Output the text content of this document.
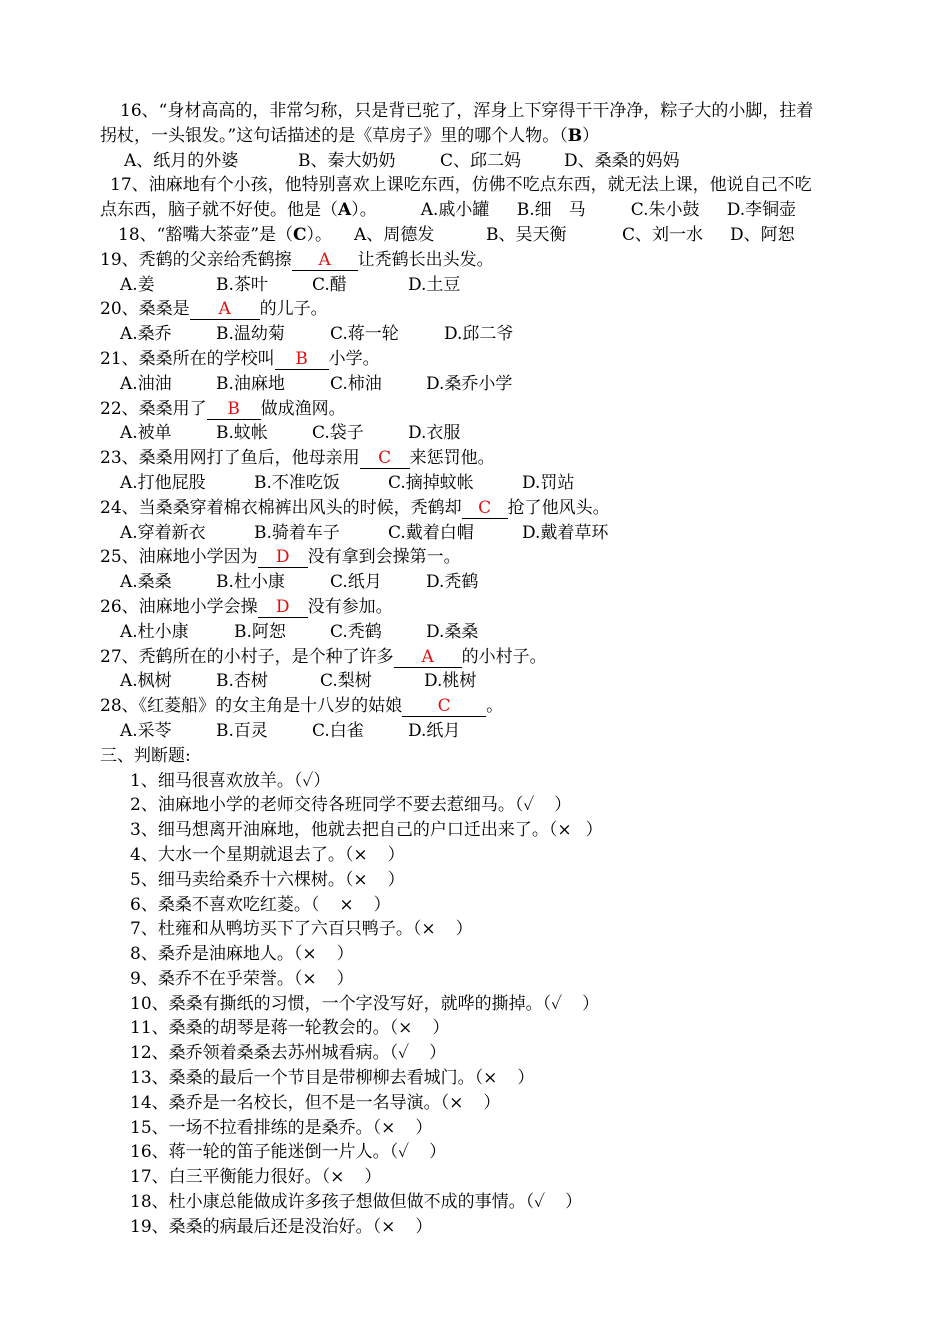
16、“身材高高的，非常匀称，只是背已驼了，浑身上下穿得干干净净，粽子大的小脚，拄着
拐杖，一头银发。”这句话描述的是《草房子》里的哪个人物。（B）
A、纸月的外婆	B、秦大奶奶	C、邱二妈	D、桑桑的妈妈
17、油麻地有个小孩，他特别喜欢上课吃东西，仿佛不吃点东西，就无法上课，他说自己不吃
点东西，脑子就不好使。他是（A）。	A.戚小罐 B.细　马	C.朱小鼓 D.李铜壶
18、“豁嘴大茶壶”是（C）。 A、周德发	B、吴天衡	C、刘一水 D、阿恕
19、秃鹤的父亲给秃鹤擦 A 让秃鹤长出头发。
A.姜	B.茶叶	C.醋	D.土豆
20、桑桑是 A 的儿子。
A.桑乔	B.温幼菊	C.蒋一轮	D.邱二爷
21、桑桑所在的学校叫 B 小学。
A.油油	B.油麻地	C.柿油	D.桑乔小学
22、桑桑用了 B 做成渔网。
A.被单	B.蚊帐	C.袋子	D.衣服
23、桑桑用网打了鱼后，他母亲用 C 来惩罚他。
A.打他屁股	B.不准吃饭	C.摘掉蚊帐	D.罚站
24、当桑桑穿着棉衣棉裤出风头的时候，秃鹤却 C 抢了他风头。
A.穿着新衣	B.骑着车子	C.戴着白帽	D.戴着草环
25、油麻地小学因为 D 没有拿到会操第一。
A.桑桑	B.杜小康	C.纸月	D.秃鹤
26、油麻地小学会操 D 没有参加。
A.杜小康	B.阿恕	C.秃鹤	D.桑桑
27、秃鹤所在的小村子，是个种了许多 A 的小村子。
A.枫树	B.杏树	C.梨树	D.桃树
28、《红菱船》的女主角是十八岁的姑娘 C 。
A.采苓	B.百灵	C.白雀	D.纸月
三、判断题:
1、细马很喜欢放羊。（✓）
2、油麻地小学的老师交待各班同学不要去惹细马。（✓ ）
3、细马想离开油麻地，他就去把自己的户口迁出来了。（× ）
4、大水一个星期就退去了。（× ）
5、细马卖给桑乔十六棵树。（× ）
6、桑桑不喜欢吃红菱。（ × ）
7、杜雍和从鸭坊买下了六百只鸭子。（× ）
8、桑乔是油麻地人。（× ）
9、桑乔不在乎荣誉。（× ）
10、桑桑有撕纸的习惯，一个字没写好，就哗的撕掉。（✓ ）
11、桑桑的胡琴是蒋一轮教会的。（× ）
12、桑乔领着桑桑去苏州城看病。（✓ ）
13、桑桑的最后一个节目是带柳柳去看城门。（× ）
14、桑乔是一名校长，但不是一名导演。（× ）
15、一场不拉看排练的是桑乔。（× ）
16、蒋一轮的笛子能迷倒一片人。（✓ ）
17、白三平衡能力很好。（× ）
18、杜小康总能做成许多孩子想做但做不成的事情。（✓ ）
19、桑桑的病最后还是没治好。（× ）
